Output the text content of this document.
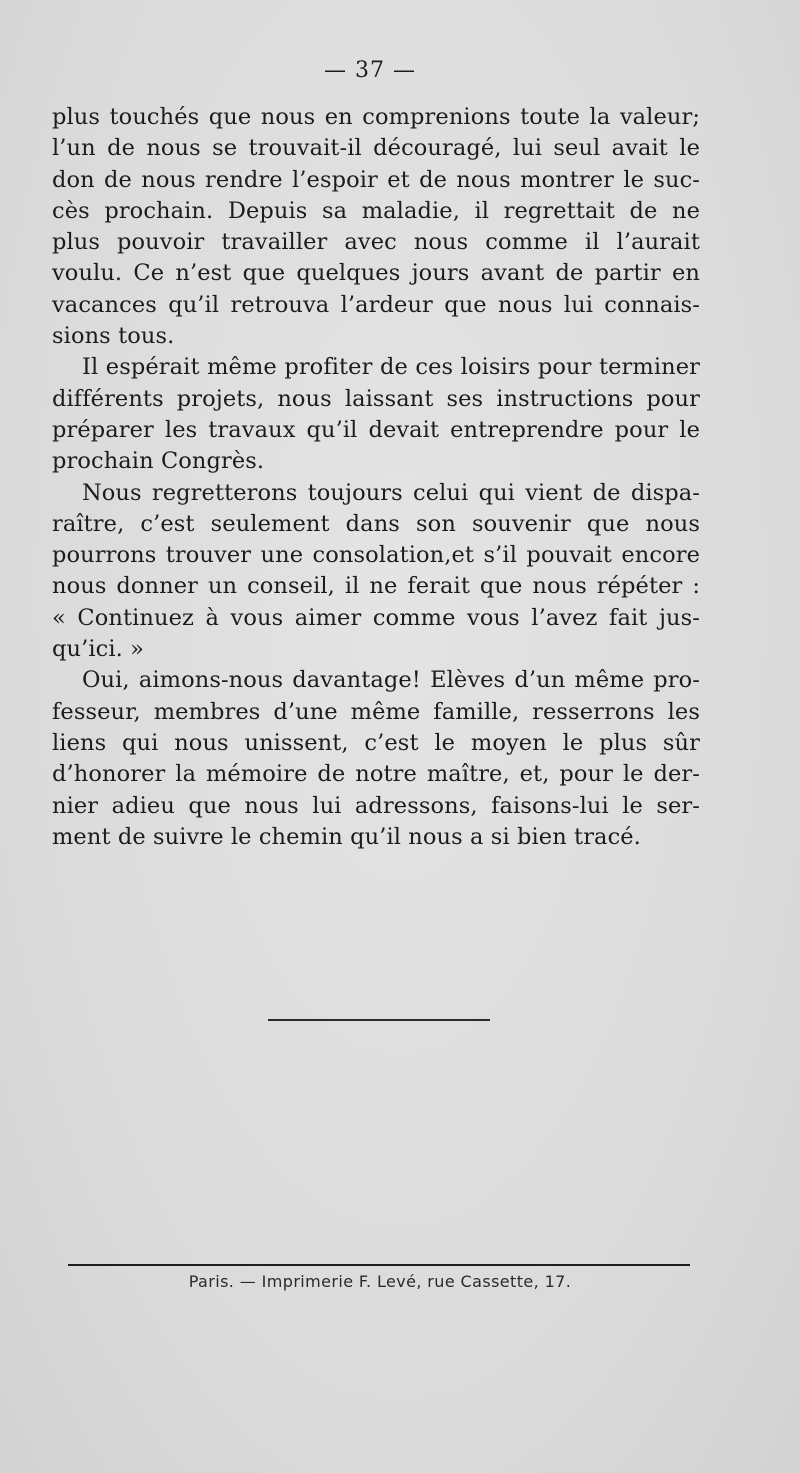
— 37 —
plus touchés que nous en comprenions toute la valeur;
l’un de nous se trouvait-il découragé, lui seul avait le
don de nous rendre l’espoir et de nous montrer le suc-
cès prochain. Depuis sa maladie, il regrettait de ne
plus pouvoir travailler avec nous comme il l’aurait
voulu. Ce n’est que quelques jours avant de partir en
vacances qu’il retrouva l’ardeur que nous lui connais-
sions tous.
Il espérait même profiter de ces loisirs pour terminer
différents projets, nous laissant ses instructions pour
préparer les travaux qu’il devait entreprendre pour le
prochain Congrès.
Nous regretterons toujours celui qui vient de dispa-
raître, c’est seulement dans son souvenir que nous
pourrons trouver une consolation,et s’il pouvait encore
nous donner un conseil, il ne ferait que nous répéter :
« Continuez à vous aimer comme vous l’avez fait jus-
qu’ici. »
Oui, aimons-nous davantage! Elèves d’un même pro-
fesseur, membres d’une même famille, resserrons les
liens qui nous unissent, c’est le moyen le plus sûr
d’honorer la mémoire de notre maître, et, pour le der-
nier adieu que nous lui adressons, faisons-lui le ser-
ment de suivre le chemin qu’il nous a si bien tracé.
Paris. — Imprimerie F. Levé, rue Cassette, 17.
